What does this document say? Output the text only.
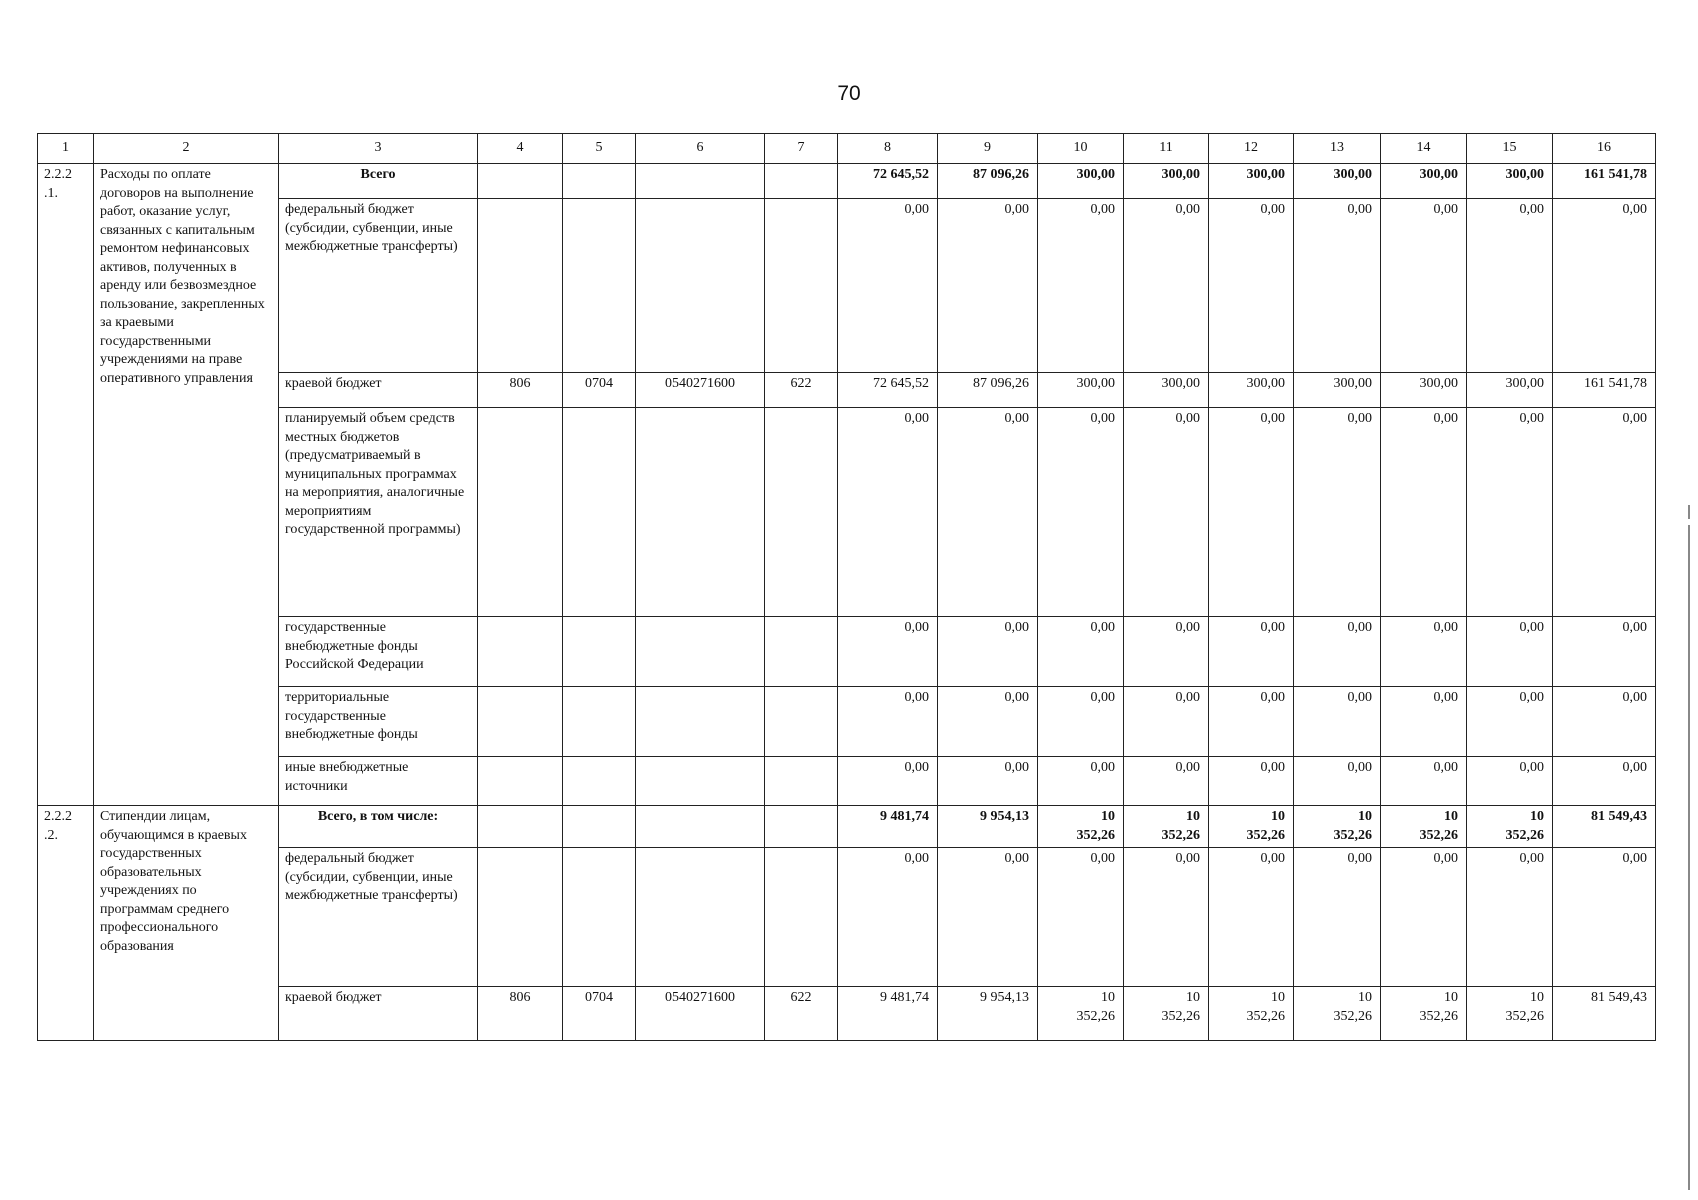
70
1	2	3	4	5	6	7	8	9	10	11	12	13	14	15	16
2.2.2
.1.	Расходы по оплате договоров на выполнение работ, оказание услуг, связанных с капитальным ремонтом нефинансовых активов, полученных в аренду или безвозмездное пользование, закрепленных за краевыми государственными учреждениями на праве оперативного управления	Всего					72 645,52	87 096,26	300,00	300,00	300,00	300,00	300,00	300,00	161 541,78
		федеральный бюджет (субсидии, субвенции, иные межбюджетные трансферты)					0,00	0,00	0,00	0,00	0,00	0,00	0,00	0,00	0,00
		краевой бюджет	806	0704	0540271600	622	72 645,52	87 096,26	300,00	300,00	300,00	300,00	300,00	300,00	161 541,78
		планируемый объем средств местных бюджетов (предусматриваемый в муниципальных программах на мероприятия, аналогичные мероприятиям государственной программы)					0,00	0,00	0,00	0,00	0,00	0,00	0,00	0,00	0,00
		государственные внебюджетные фонды Российской Федерации					0,00	0,00	0,00	0,00	0,00	0,00	0,00	0,00	0,00
		территориальные государственные внебюджетные фонды					0,00	0,00	0,00	0,00	0,00	0,00	0,00	0,00	0,00
		иные внебюджетные источники					0,00	0,00	0,00	0,00	0,00	0,00	0,00	0,00	0,00
2.2.2
.2.	Стипендии лицам, обучающимся в краевых государственных образовательных учреждениях по программам среднего профессионального образования	Всего, в том числе:					9 481,74	9 954,13	10
352,26	10
352,26	10
352,26	10
352,26	10
352,26	10
352,26	81 549,43
		федеральный бюджет (субсидии, субвенции, иные межбюджетные трансферты)					0,00	0,00	0,00	0,00	0,00	0,00	0,00	0,00	0,00
		краевой бюджет	806	0704	0540271600	622	9 481,74	9 954,13	10
352,26	10
352,26	10
352,26	10
352,26	10
352,26	10
352,26	81 549,43
